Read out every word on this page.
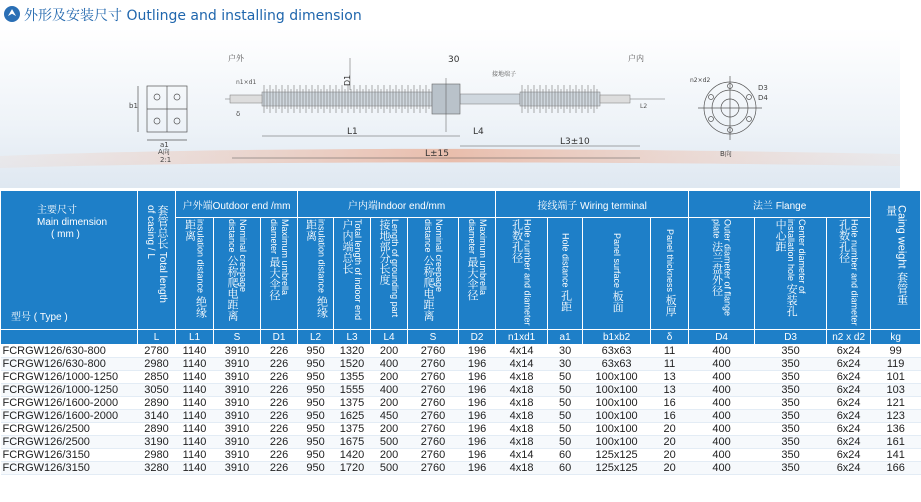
⮝ 外形及安装尺寸 Outlinge and installing dimension
b1
a1
A向
2:1
D1
30
L1	L4
L3±10
L±15
户外	户内
接地端子
n1×d1
δ
L2
D3
D4
n2×d2
B向
主要尺寸
Main dimension
( mm )
型号 ( Type )	套管总长 Total length of casing / L	户外端Outdoor end /mm			户内端Indoor end/mm					接线端子 Wiring terminal				法兰 Flange			Caing weight 套管重量
		insulation distance 绝缘距离	Nominal creepage distance 公称爬电距离	Maximum umbrella diameter 最大伞径	insulation distance 绝缘距离	Total length of indoor end 户内端总长	Length of grounding part 接地部分长度	Nominal creepage distance 公称爬电距离	Maximum umbrella diameter 最大伞径	Hole number and diameter 孔数孔径	Hole distance 孔距	Panel surface 板面	Panel thickness 板厚	Outer diameter of flange plate 法兰盘外径	Center diameter of installation hole 安装孔中心距	Hole number and diameter 孔数孔径	
	L	L1	S	D1	L2	L3	L4	S	D2	n1xd1	a1	b1xb2	δ	D4	D3	n2 x d2	kg
FCRGW126/630-800	2780	1140	3910	226	950	1320	200	2760	196	4x14	30	63x63	11	400	350	6x24	99
FCRGW126/630-800	2980	1140	3910	226	950	1520	400	2760	196	4x14	30	63x63	11	400	350	6x24	119
FCRGW126/1000-1250	2850	1140	3910	226	950	1355	200	2760	196	4x18	50	100x100	13	400	350	6x24	101
FCRGW126/1000-1250	3050	1140	3910	226	950	1555	400	2760	196	4x18	50	100x100	13	400	350	6x24	103
FCRGW126/1600-2000	2890	1140	3910	226	950	1375	200	2760	196	4x18	50	100x100	16	400	350	6x24	121
FCRGW126/1600-2000	3140	1140	3910	226	950	1625	450	2760	196	4x18	50	100x100	16	400	350	6x24	123
FCRGW126/2500	2890	1140	3910	226	950	1375	200	2760	196	4x18	50	100x100	20	400	350	6x24	136
FCRGW126/2500	3190	1140	3910	226	950	1675	500	2760	196	4x18	50	100x100	20	400	350	6x24	161
FCRGW126/3150	2980	1140	3910	226	950	1420	200	2760	196	4x14	60	125x125	20	400	350	6x24	141
FCRGW126/3150	3280	1140	3910	226	950	1720	500	2760	196	4x18	60	125x125	20	400	350	6x24	166
